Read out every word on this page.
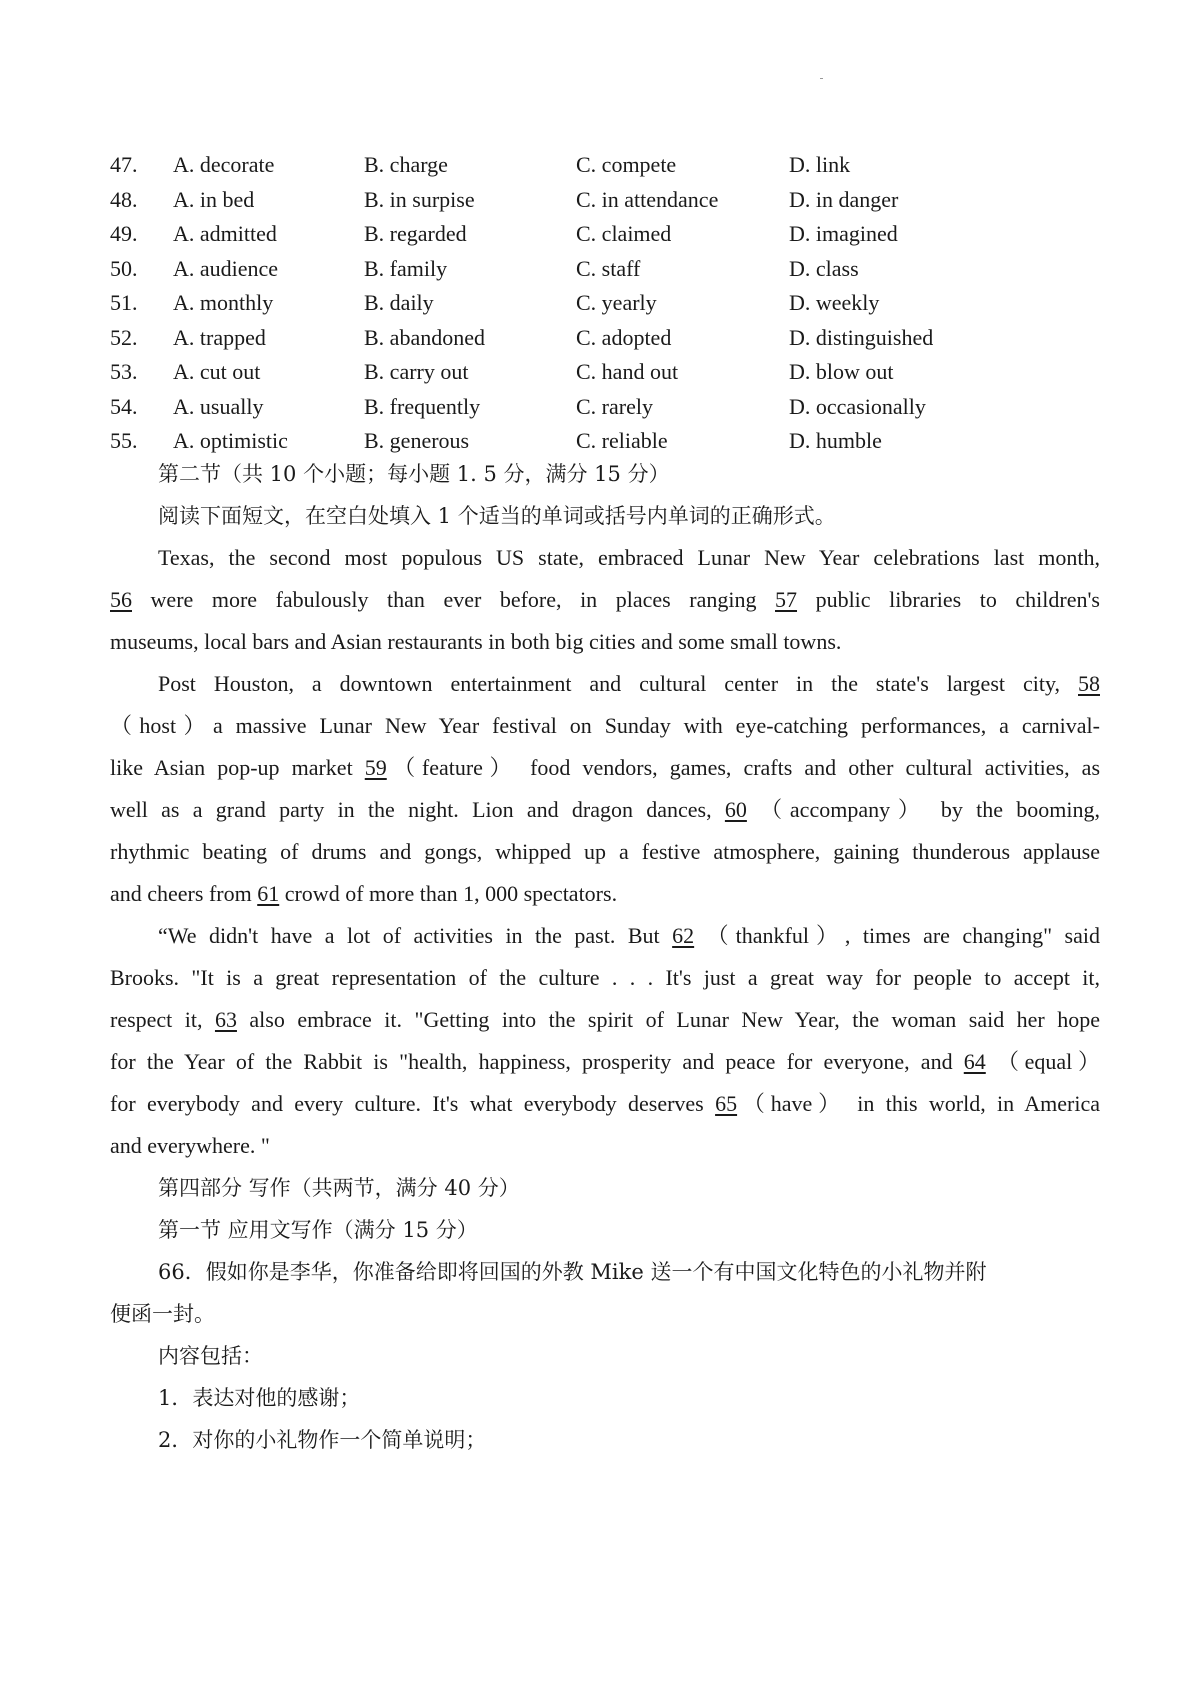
47. A. decorate	B. charge	C. compete	D. link
48. A. in bed	B. in surpise	C. in attendance	D. in danger
49. A. admitted	B. regarded	C. claimed	D. imagined
50. A. audience	B. family	C. staff	D. class
51. A. monthly	B. daily	C. yearly	D. weekly
52. A. trapped	B. abandoned	C. adopted	D. distinguished
53. A. cut out	B. carry out	C. hand out	D. blow out
54. A. usually	B. frequently	C. rarely	D. occasionally
55. A. optimistic	B. generous	C. reliable	D. humble
第二节（共 10 个小题；每小题 1. 5 分，满分 15 分）
阅读下面短文，在空白处填入 1 个适当的单词或括号内单词的正确形式。
Texas, the second most populous US state, embraced Lunar New Year celebrations last month,
56 were more fabulously than ever before, in places ranging 57 public libraries to children's
museums, local bars and Asian restaurants in both big cities and some small towns.
Post Houston, a downtown entertainment and cultural center in the state's largest city, 58
（host）a massive Lunar New Year festival on Sunday with eye-catching performances, a carnival-
like Asian pop-up market 59（feature） food vendors, games, crafts and other cultural activities, as
well as a grand party in the night. Lion and dragon dances, 60 （accompany） by the booming,
rhythmic beating of drums and gongs, whipped up a festive atmosphere, gaining thunderous applause
and cheers from 61 crowd of more than 1, 000 spectators.
“We didn't have a lot of activities in the past. But 62 （thankful）, times are changing" said
Brooks. "It is a great representation of the culture . . . It's just a great way for people to accept it,
respect it, 63 also embrace it. "Getting into the spirit of Lunar New Year, the woman said her hope
for the Year of the Rabbit is "health, happiness, prosperity and peace for everyone, and 64 （equal）
for everybody and every culture. It's what everybody deserves 65（have） in this world, in America
and everywhere. "
第四部分 写作（共两节，满分 40 分）
第一节 应用文写作（满分 15 分）
66．假如你是李华，你准备给即将回国的外教 Mike 送一个有中国文化特色的小礼物并附
便函一封。
内容包括：
1．表达对他的感谢；
2．对你的小礼物作一个简单说明；
